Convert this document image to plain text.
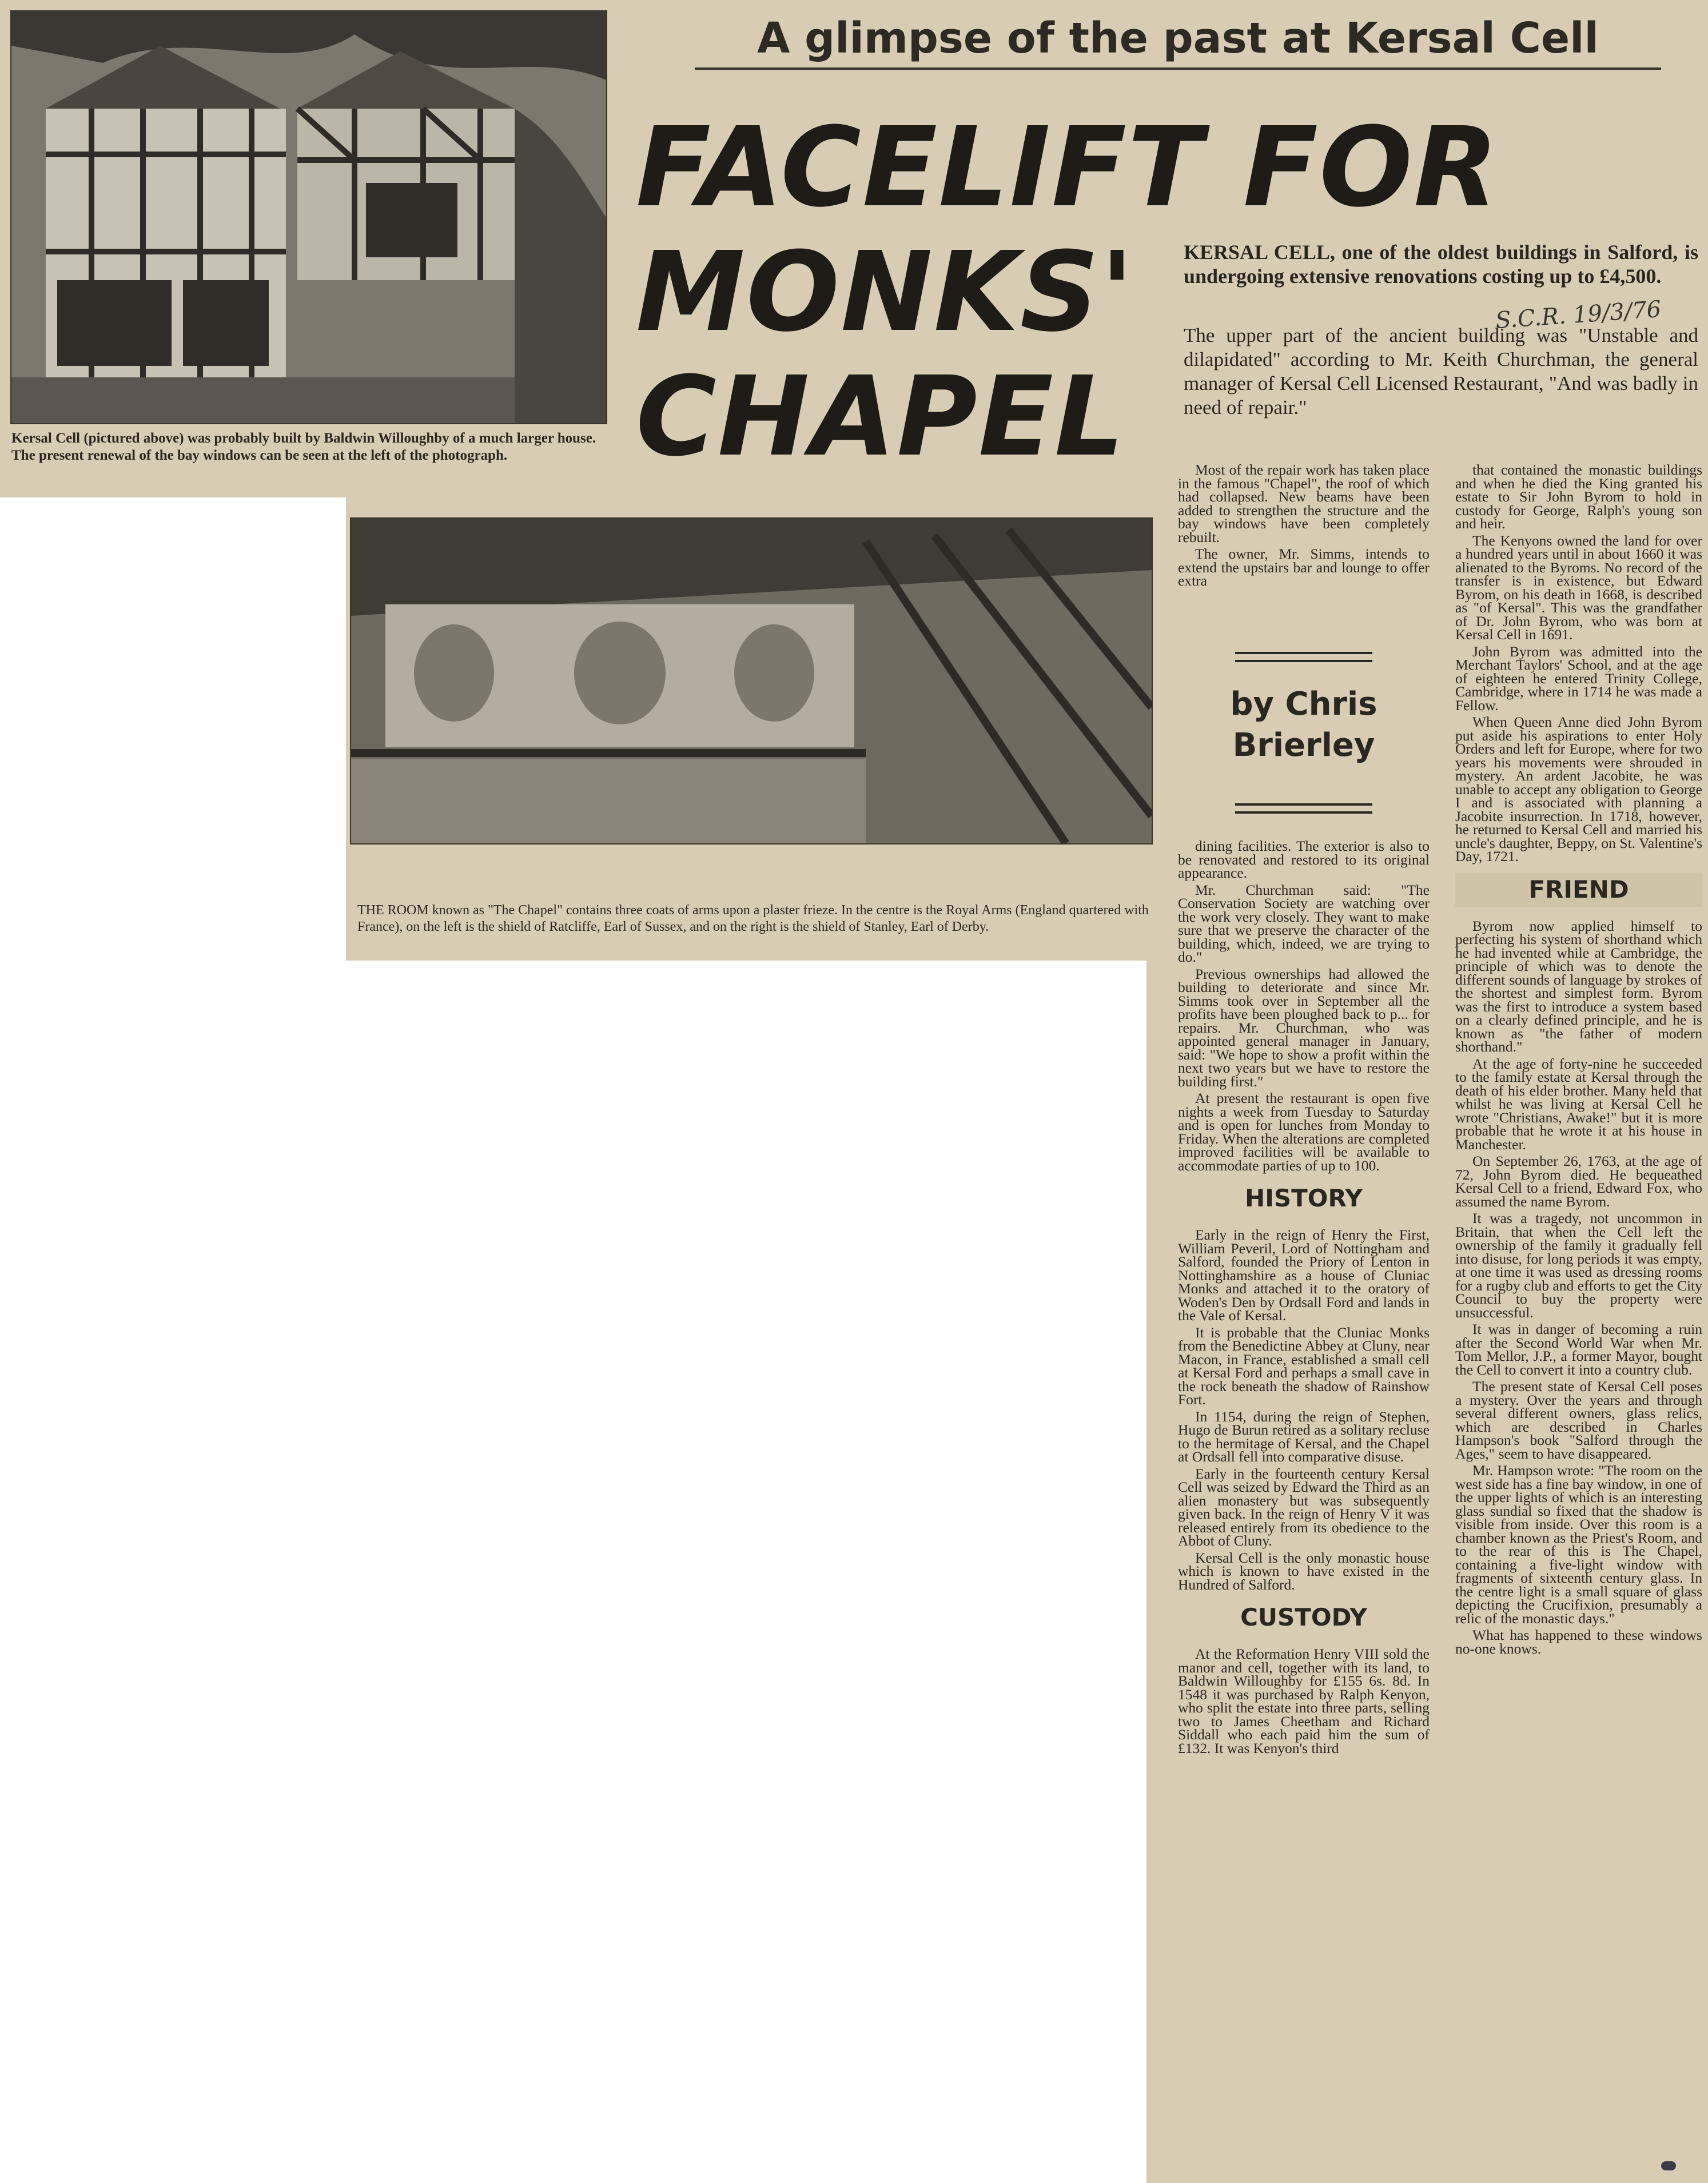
Kersal Cell (pictured above) was probably built by Baldwin Willoughby of a much larger house. The present renewal of the bay windows can be seen at the left of the photograph.
A glimpse of the past at Kersal Cell
FACELIFT FOR
MONKS'
CHAPEL
KERSAL CELL, one of the oldest buildings in Salford, is undergoing extensive renovations costing up to £4,500.
S.C.R. 19/3/76
The upper part of the ancient building was "Unstable and dilapidated" according to Mr. Keith Churchman, the general manager of Kersal Cell Licensed Restaurant, "And was badly in need of repair."
THE ROOM known as "The Chapel" contains three coats of arms upon a plaster frieze. In the centre is the Royal Arms (England quartered with France), on the left is the shield of Ratcliffe, Earl of Sussex, and on the right is the shield of Stanley, Earl of Derby.

Most of the repair work has taken place in the famous "Chapel", the roof of which had collapsed. New beams have been added to strengthen the structure and the bay windows have been completely rebuilt.

The owner, Mr. Simms, intends to extend the upstairs bar and lounge to offer extra

by Chris
Brierley

dining facilities. The exterior is also to be renovated and restored to its original appearance.

Mr. Churchman said: "The Conservation Society are watching over the work very closely. They want to make sure that we preserve the character of the building, which, indeed, we are trying to do."

Previous ownerships had allowed the building to deteriorate and since Mr. Simms took over in September all the profits have been ploughed back to p... for repairs. Mr. Churchman, who was appointed general manager in January, said: "We hope to show a profit within the next two years but we have to restore the building first."

At present the restaurant is open five nights a week from Tuesday to Saturday and is open for lunches from Monday to Friday. When the alterations are completed improved facilities will be available to accommodate parties of up to 100.

HISTORY

Early in the reign of Henry the First, William Peveril, Lord of Nottingham and Salford, founded the Priory of Lenton in Nottinghamshire as a house of Cluniac Monks and attached it to the oratory of Woden's Den by Ordsall Ford and lands in the Vale of Kersal.

It is probable that the Cluniac Monks from the Benedictine Abbey at Cluny, near Macon, in France, established a small cell at Kersal Ford and perhaps a small cave in the rock beneath the shadow of Rainshow Fort.

In 1154, during the reign of Stephen, Hugo de Burun retired as a solitary recluse to the hermitage of Kersal, and the Chapel at Ordsall fell into comparative disuse.

Early in the fourteenth century Kersal Cell was seized by Edward the Third as an alien monastery but was subsequently given back. In the reign of Henry V it was released entirely from its obedience to the Abbot of Cluny.

Kersal Cell is the only monastic house which is known to have existed in the Hundred of Salford.

CUSTODY

At the Reformation Henry VIII sold the manor and cell, together with its land, to Baldwin Willoughby for £155 6s. 8d. In 1548 it was purchased by Ralph Kenyon, who split the estate into three parts, selling two to James Cheetham and Richard Siddall who each paid him the sum of £132. It was Kenyon's third

that contained the monastic buildings and when he died the King granted his estate to Sir John Byrom to hold in custody for George, Ralph's young son and heir.

The Kenyons owned the land for over a hundred years until in about 1660 it was alienated to the Byroms. No record of the transfer is in existence, but Edward Byrom, on his death in 1668, is described as "of Kersal". This was the grandfather of Dr. John Byrom, who was born at Kersal Cell in 1691.

John Byrom was admitted into the Merchant Taylors' School, and at the age of eighteen he entered Trinity College, Cambridge, where in 1714 he was made a Fellow.

When Queen Anne died John Byrom put aside his aspirations to enter Holy Orders and left for Europe, where for two years his movements were shrouded in mystery. An ardent Jacobite, he was unable to accept any obligation to George I and is associated with planning a Jacobite insurrection. In 1718, however, he returned to Kersal Cell and married his uncle's daughter, Beppy, on St. Valentine's Day, 1721.

FRIEND

Byrom now applied himself to perfecting his system of shorthand which he had invented while at Cambridge, the principle of which was to denote the different sounds of language by strokes of the shortest and simplest form. Byrom was the first to introduce a system based on a clearly defined principle, and he is known as "the father of modern shorthand."

At the age of forty-nine he succeeded to the family estate at Kersal through the death of his elder brother. Many held that whilst he was living at Kersal Cell he wrote "Christians, Awake!" but it is more probable that he wrote it at his house in Manchester.

On September 26, 1763, at the age of 72, John Byrom died. He bequeathed Kersal Cell to a friend, Edward Fox, who assumed the name Byrom.

It was a tragedy, not uncommon in Britain, that when the Cell left the ownership of the family it gradually fell into disuse, for long periods it was empty, at one time it was used as dressing rooms for a rugby club and efforts to get the City Council to buy the property were unsuccessful.

It was in danger of becoming a ruin after the Second World War when Mr. Tom Mellor, J.P., a former Mayor, bought the Cell to convert it into a country club.

The present state of Kersal Cell poses a mystery. Over the years and through several different owners, glass relics, which are described in Charles Hampson's book "Salford through the Ages," seem to have disappeared.

Mr. Hampson wrote: "The room on the west side has a fine bay window, in one of the upper lights of which is an interesting glass sundial so fixed that the shadow is visible from inside. Over this room is a chamber known as the Priest's Room, and to the rear of this is The Chapel, containing a five-light window with fragments of sixteenth century glass. In the centre light is a small square of glass depicting the Crucifixion, presumably a relic of the monastic days."

What has happened to these windows no-one knows.
